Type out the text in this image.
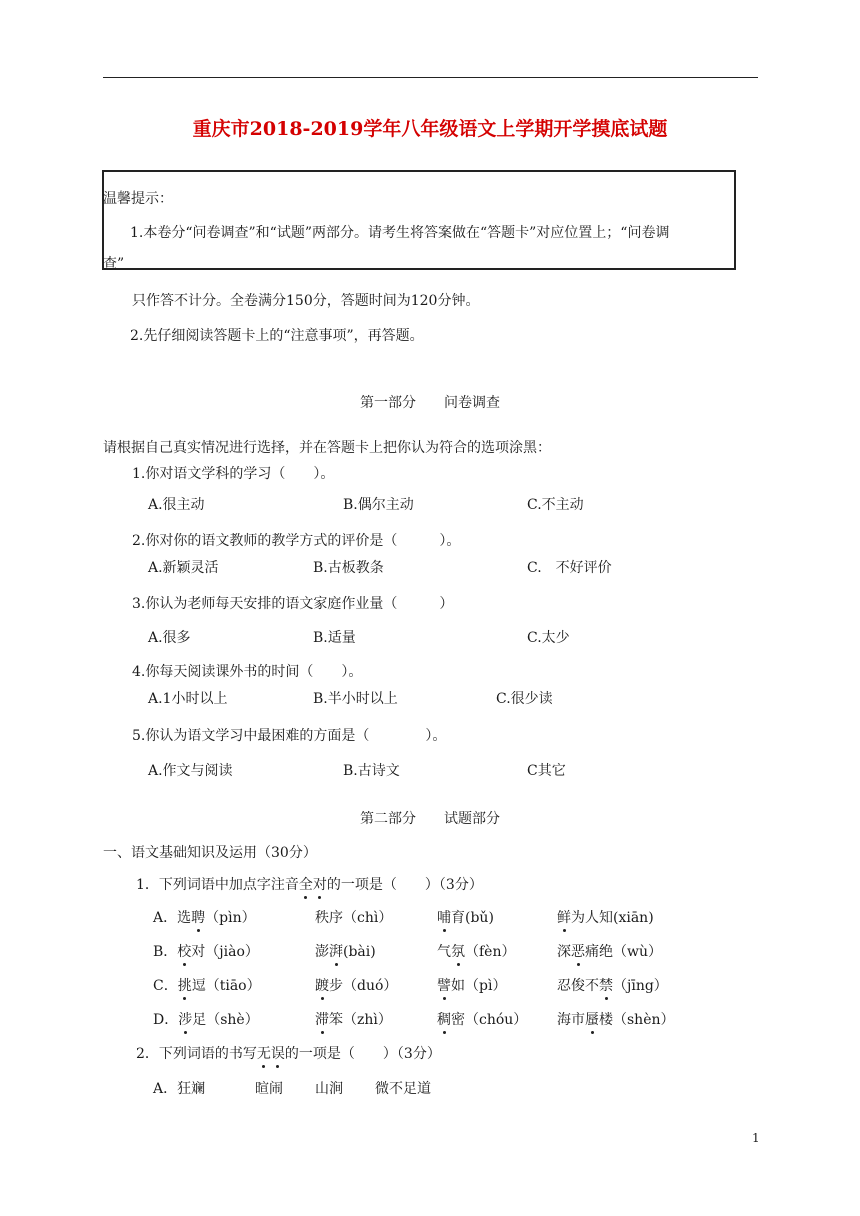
重庆市2018-2019学年八年级语文上学期开学摸底试题
温馨提示：
1.本卷分“问卷调查”和“试题”两部分。请考生将答案做在“答题卡”对应位置上；“问卷调
查”
只作答不计分。全卷满分150分，答题时间为120分钟。
2.先仔细阅读答题卡上的“注意事项”，再答题。
第一部分　　问卷调查
请根据自己真实情况进行选择，并在答题卡上把你认为符合的选项涂黑：
1.你对语文学科的学习（　　）。
A.很主动	B.偶尔主动	C.不主动
2.你对你的语文教师的教学方式的评价是（　　　）。
A.新颖灵活	B.古板教条	C.　不好评价
3.你认为老师每天安排的语文家庭作业量（　　　）
A.很多	B.适量	C.太少
4.你每天阅读课外书的时间（　　）。
A.1小时以上	B.半小时以上	C.很少读
5.你认为语文学习中最困难的方面是（　　　　）。
A.作文与阅读	B.古诗文	C其它
第二部分　　试题部分
一、语文基础知识及运用（30分）
1．下列词语中加点字注音全对的一项是（　　）（3分）
A．选聘（pìn）	秩序（chì）	哺育(bǔ)	鲜为人知(xiān)
B．校对（jiào）	澎湃(bài)	气氛（fèn）	深恶痛绝（wù）
C．挑逗（tiāo）	踱步（duó）	譬如（pì）	忍俊不禁（jīng）
D．涉足（shè）	滞笨（zhì）	稠密（chóu） 海市蜃楼（shèn）
2．下列词语的书写无误的一项是（　　）（3分）
A．狂斓	暄闹 山涧 微不足道
1
